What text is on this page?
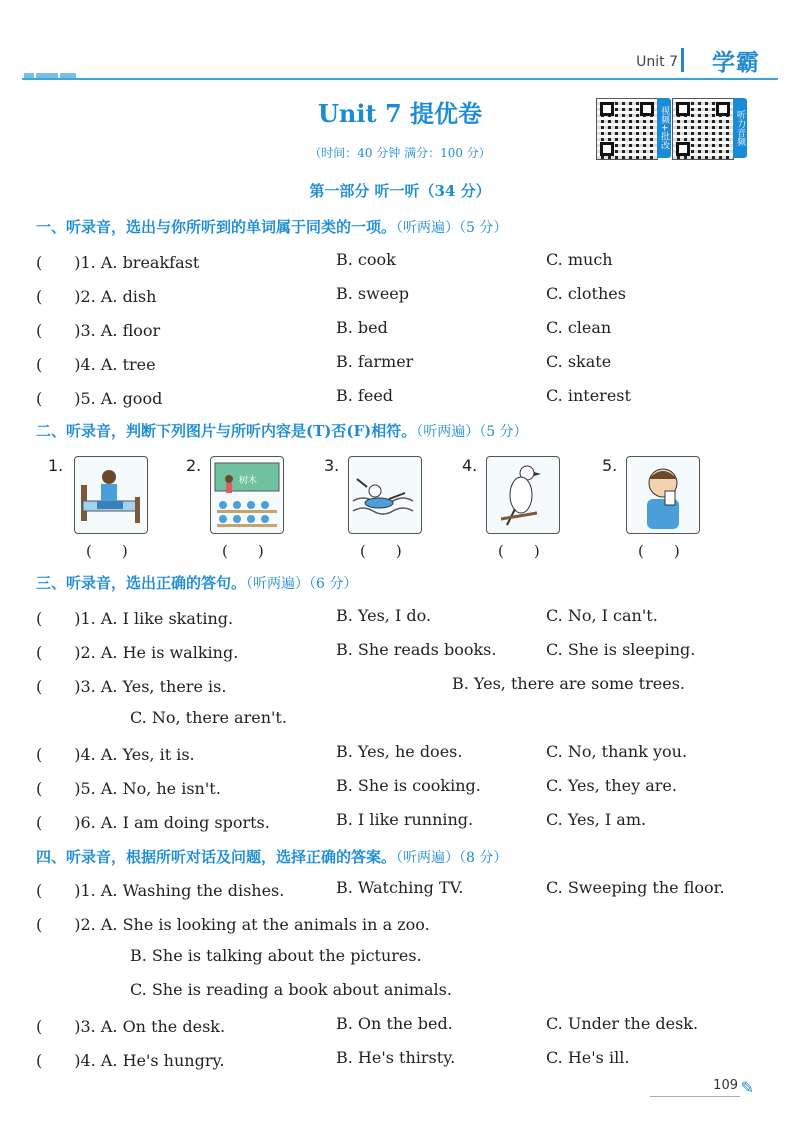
Unit 7 学霸
Unit 7 提优卷
（时间：40 分钟 满分：100 分）
视频+批改	听力音频
第一部分 听一听（34 分）
一、听录音，选出与你所听到的单词属于同类的一项。（听两遍）（5 分）
(　　)1. A. breakfast	B. cook	C. much
(　　)2. A. dish	B. sweep	C. clothes
(　　)3. A. floor	B. bed	C. clean
(　　)4. A. tree	B. farmer	C. skate
(　　)5. A. good	B. feed	C. interest
二、听录音，判断下列图片与所听内容是(T)否(F)相符。（听两遍）（5 分）
1.
(　　)
2.
树木
(　　)
3.
(　　)
4.
(　　)
5.
(　　)
三、听录音，选出正确的答句。（听两遍）（6 分）
(　　)1. A. I like skating.	B. Yes, I do.	C. No, I can't.
(　　)2. A. He is walking.	B. She reads books.	C. She is sleeping.
(　　)3. A. Yes, there is.	B. Yes, there are some trees.
C. No, there aren't.
(　　)4. A. Yes, it is.	B. Yes, he does.	C. No, thank you.
(　　)5. A. No, he isn't.	B. She is cooking.	C. Yes, they are.
(　　)6. A. I am doing sports.	B. I like running.	C. Yes, I am.
四、听录音，根据所听对话及问题，选择正确的答案。（听两遍）（8 分）
(　　)1. A. Washing the dishes.	B. Watching TV.	C. Sweeping the floor.
(　　)2. A. She is looking at the animals in a zoo.
B. She is talking about the pictures.
C. She is reading a book about animals.
(　　)3. A. On the desk.	B. On the bed.	C. Under the desk.
(　　)4. A. He's hungry.	B. He's thirsty.	C. He's ill.
109 ✎
